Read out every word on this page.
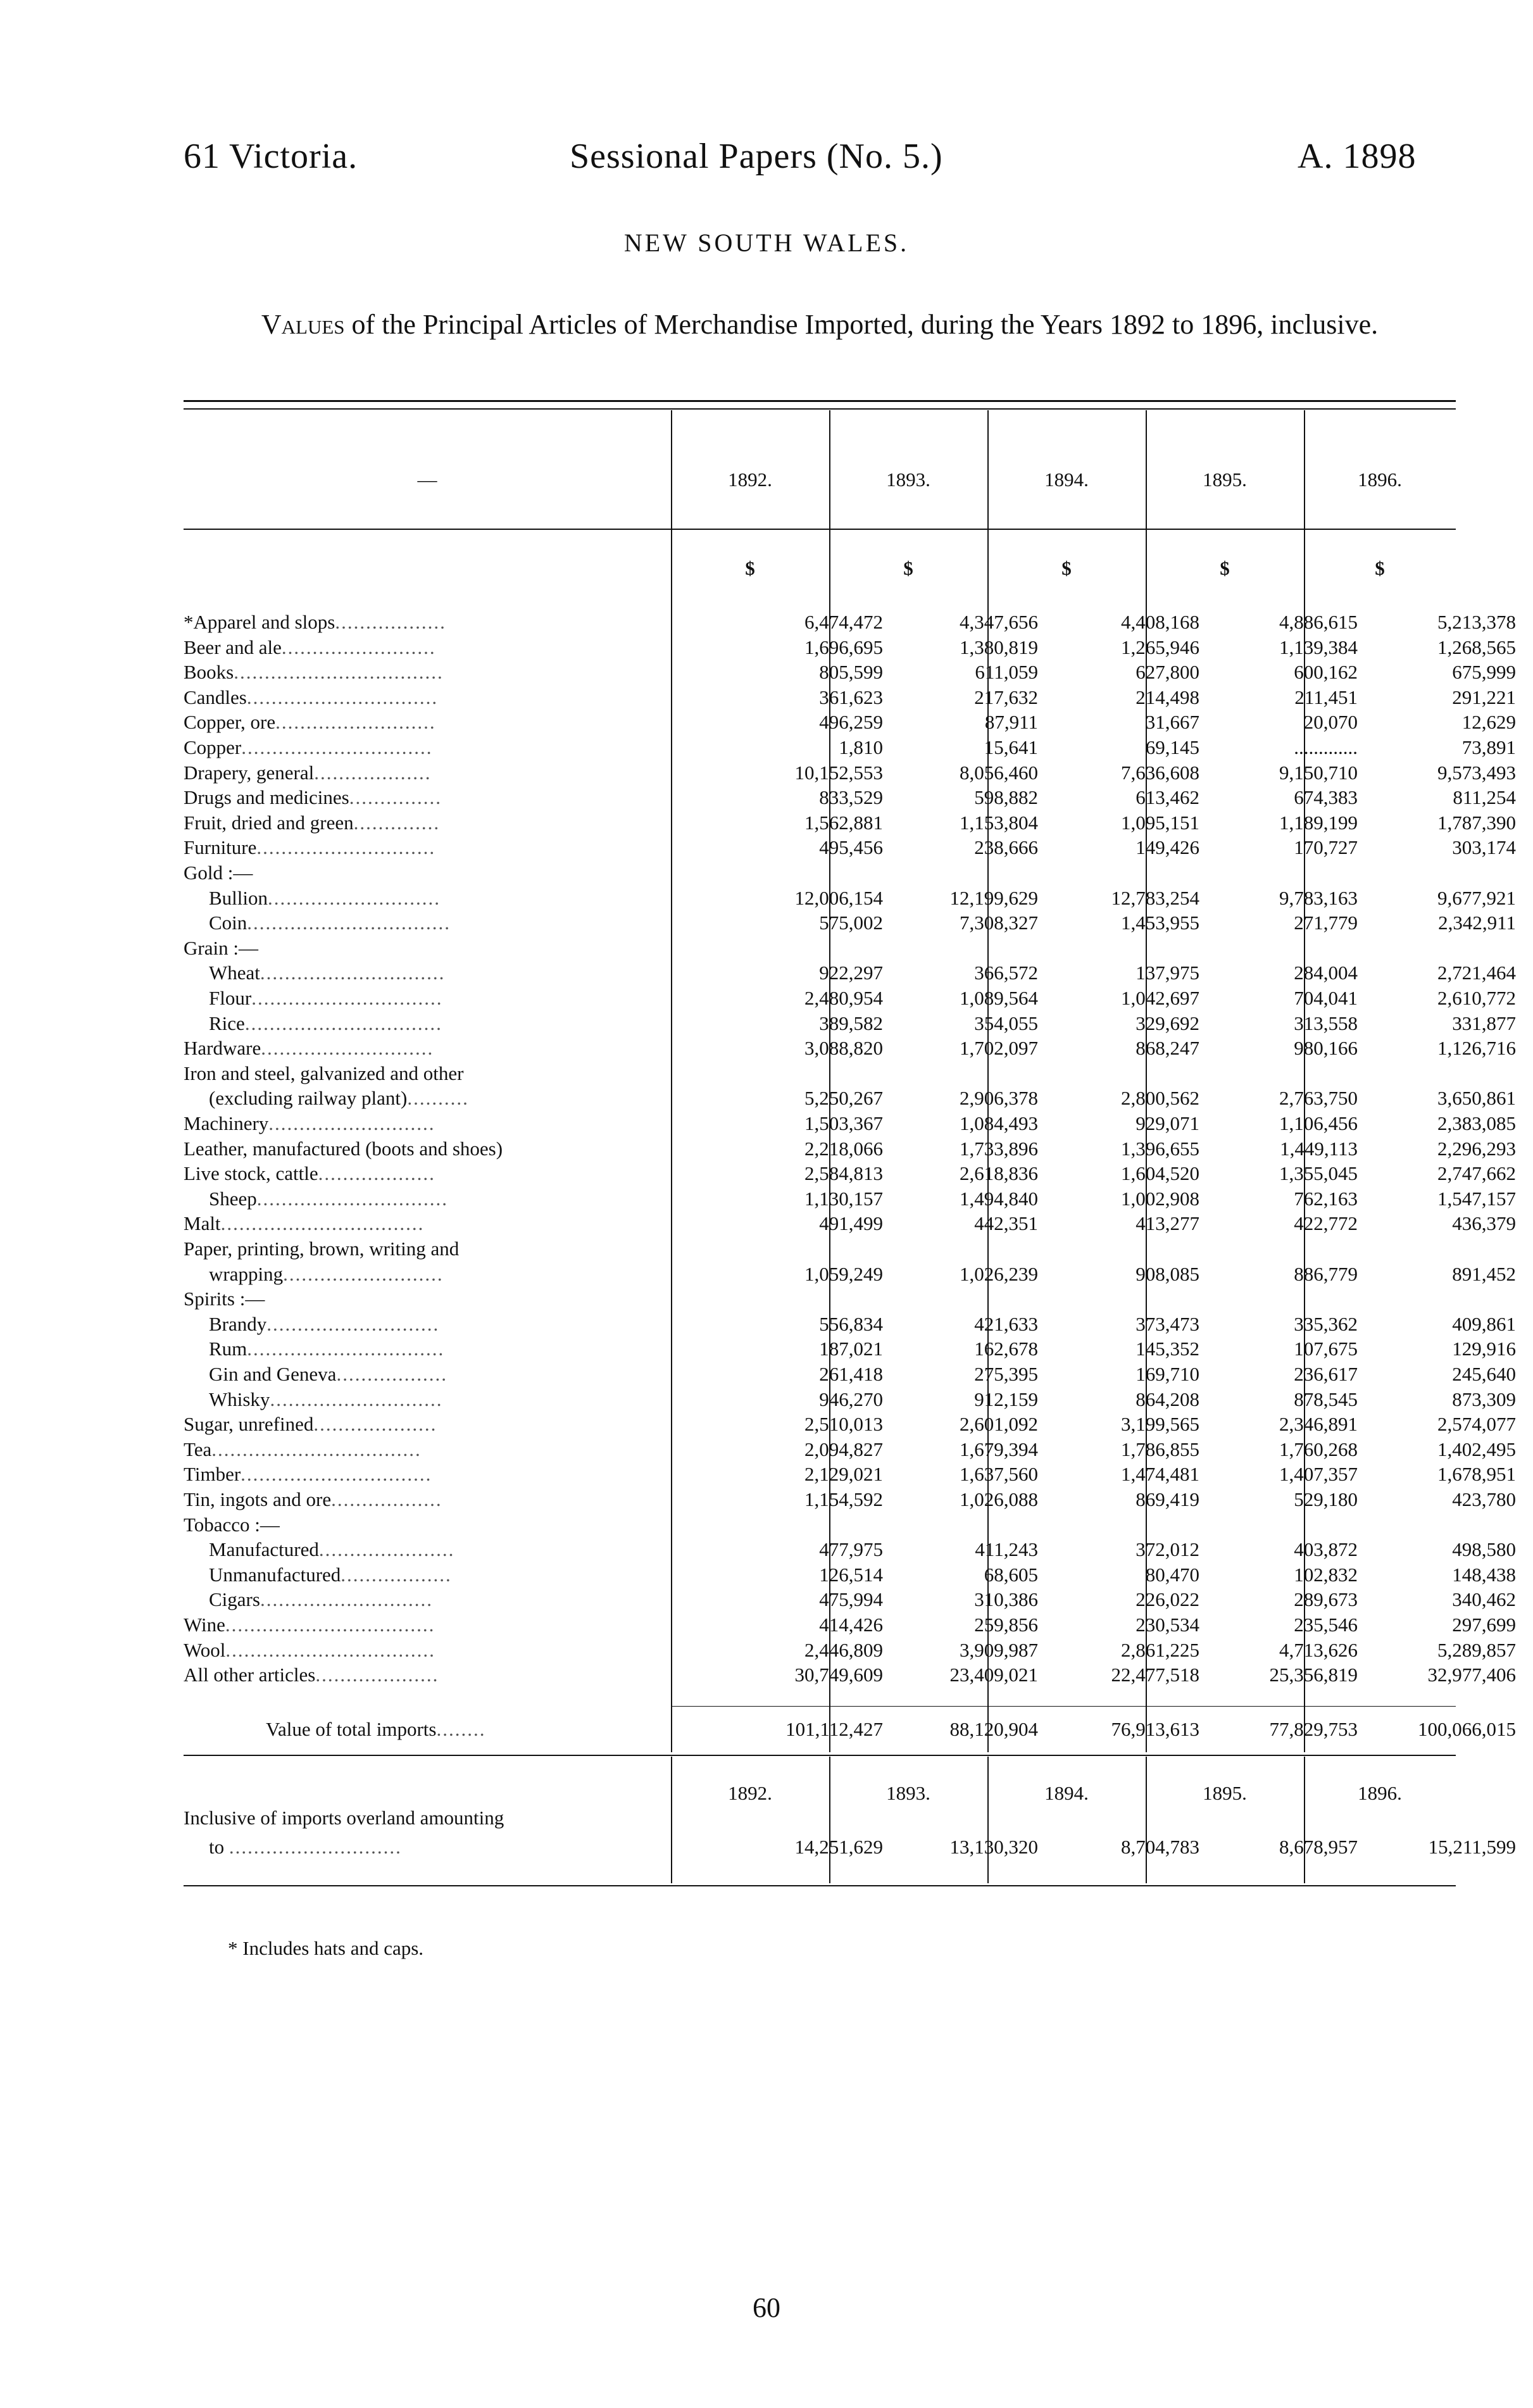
61 Victoria.	Sessional Papers (No. 5.)	A. 1898
NEW SOUTH WALES.
Values of the Principal Articles of Merchandise Imported, during the Years 1892 to 1896, inclusive.
—	1892.	1893.	1894.	1895.	1896.
$	$	$	$	$
*Apparel and slops..................	6,474,472	4,347,656	4,408,168	4,886,615	5,213,378
Beer and ale.........................	1,696,695	1,380,819	1,265,946	1,139,384	1,268,565
Books..................................	805,599	611,059	627,800	600,162	675,999
Candles...............................	361,623	217,632	214,498	211,451	291,221
Copper, ore..........................	496,259	87,911	31,667	20,070	12,629
Copper...............................	1,810	15,641	69,145	.............	73,891
Drapery, general...................	10,152,553	8,056,460	7,636,608	9,150,710	9,573,493
Drugs and medicines...............	833,529	598,882	613,462	674,383	811,254
Fruit, dried and green..............	1,562,881	1,153,804	1,095,151	1,189,199	1,787,390
Furniture.............................	495,456	238,666	149,426	170,727	303,174
Gold :—
Bullion............................	12,006,154	12,199,629	12,783,254	9,783,163	9,677,921
Coin.................................	575,002	7,308,327	1,453,955	271,779	2,342,911
Grain :—
Wheat..............................	922,297	366,572	137,975	284,004	2,721,464
Flour...............................	2,480,954	1,089,564	1,042,697	704,041	2,610,772
Rice................................	389,582	354,055	329,692	313,558	331,877
Hardware............................	3,088,820	1,702,097	868,247	980,166	1,126,716
Iron and steel, galvanized and other
(excluding railway plant)..........	5,250,267	2,906,378	2,800,562	2,763,750	3,650,861
Machinery...........................	1,503,367	1,084,493	929,071	1,106,456	2,383,085
Leather, manufactured (boots and shoes)	2,218,066	1,733,896	1,396,655	1,449,113	2,296,293
Live stock, cattle...................	2,584,813	2,618,836	1,604,520	1,355,045	2,747,662
Sheep...............................	1,130,157	1,494,840	1,002,908	762,163	1,547,157
Malt.................................	491,499	442,351	413,277	422,772	436,379
Paper, printing, brown, writing and
wrapping..........................	1,059,249	1,026,239	908,085	886,779	891,452
Spirits :—
Brandy............................	556,834	421,633	373,473	335,362	409,861
Rum................................	187,021	162,678	145,352	107,675	129,916
Gin and Geneva..................	261,418	275,395	169,710	236,617	245,640
Whisky............................	946,270	912,159	864,208	878,545	873,309
Sugar, unrefined....................	2,510,013	2,601,092	3,199,565	2,346,891	2,574,077
Tea..................................	2,094,827	1,679,394	1,786,855	1,760,268	1,402,495
Timber...............................	2,129,021	1,637,560	1,474,481	1,407,357	1,678,951
Tin, ingots and ore..................	1,154,592	1,026,088	869,419	529,180	423,780
Tobacco :—
Manufactured......................	477,975	411,243	372,012	403,872	498,580
Unmanufactured..................	126,514	68,605	80,470	102,832	148,438
Cigars............................	475,994	310,386	226,022	289,673	340,462
Wine..................................	414,426	259,856	230,534	235,546	297,699
Wool..................................	2,446,809	3,909,987	2,861,225	4,713,626	5,289,857
All other articles....................	30,749,609	23,409,021	22,477,518	25,356,819	32,977,406
Value of total imports........	101,112,427	88,120,904	76,913,613	77,829,753	100,066,015
1892.	1893.	1894.	1895.	1896.
Inclusive of imports overland amounting
to ............................	14,251,629	13,130,320	8,704,783	8,678,957	15,211,599
* Includes hats and caps.
60
